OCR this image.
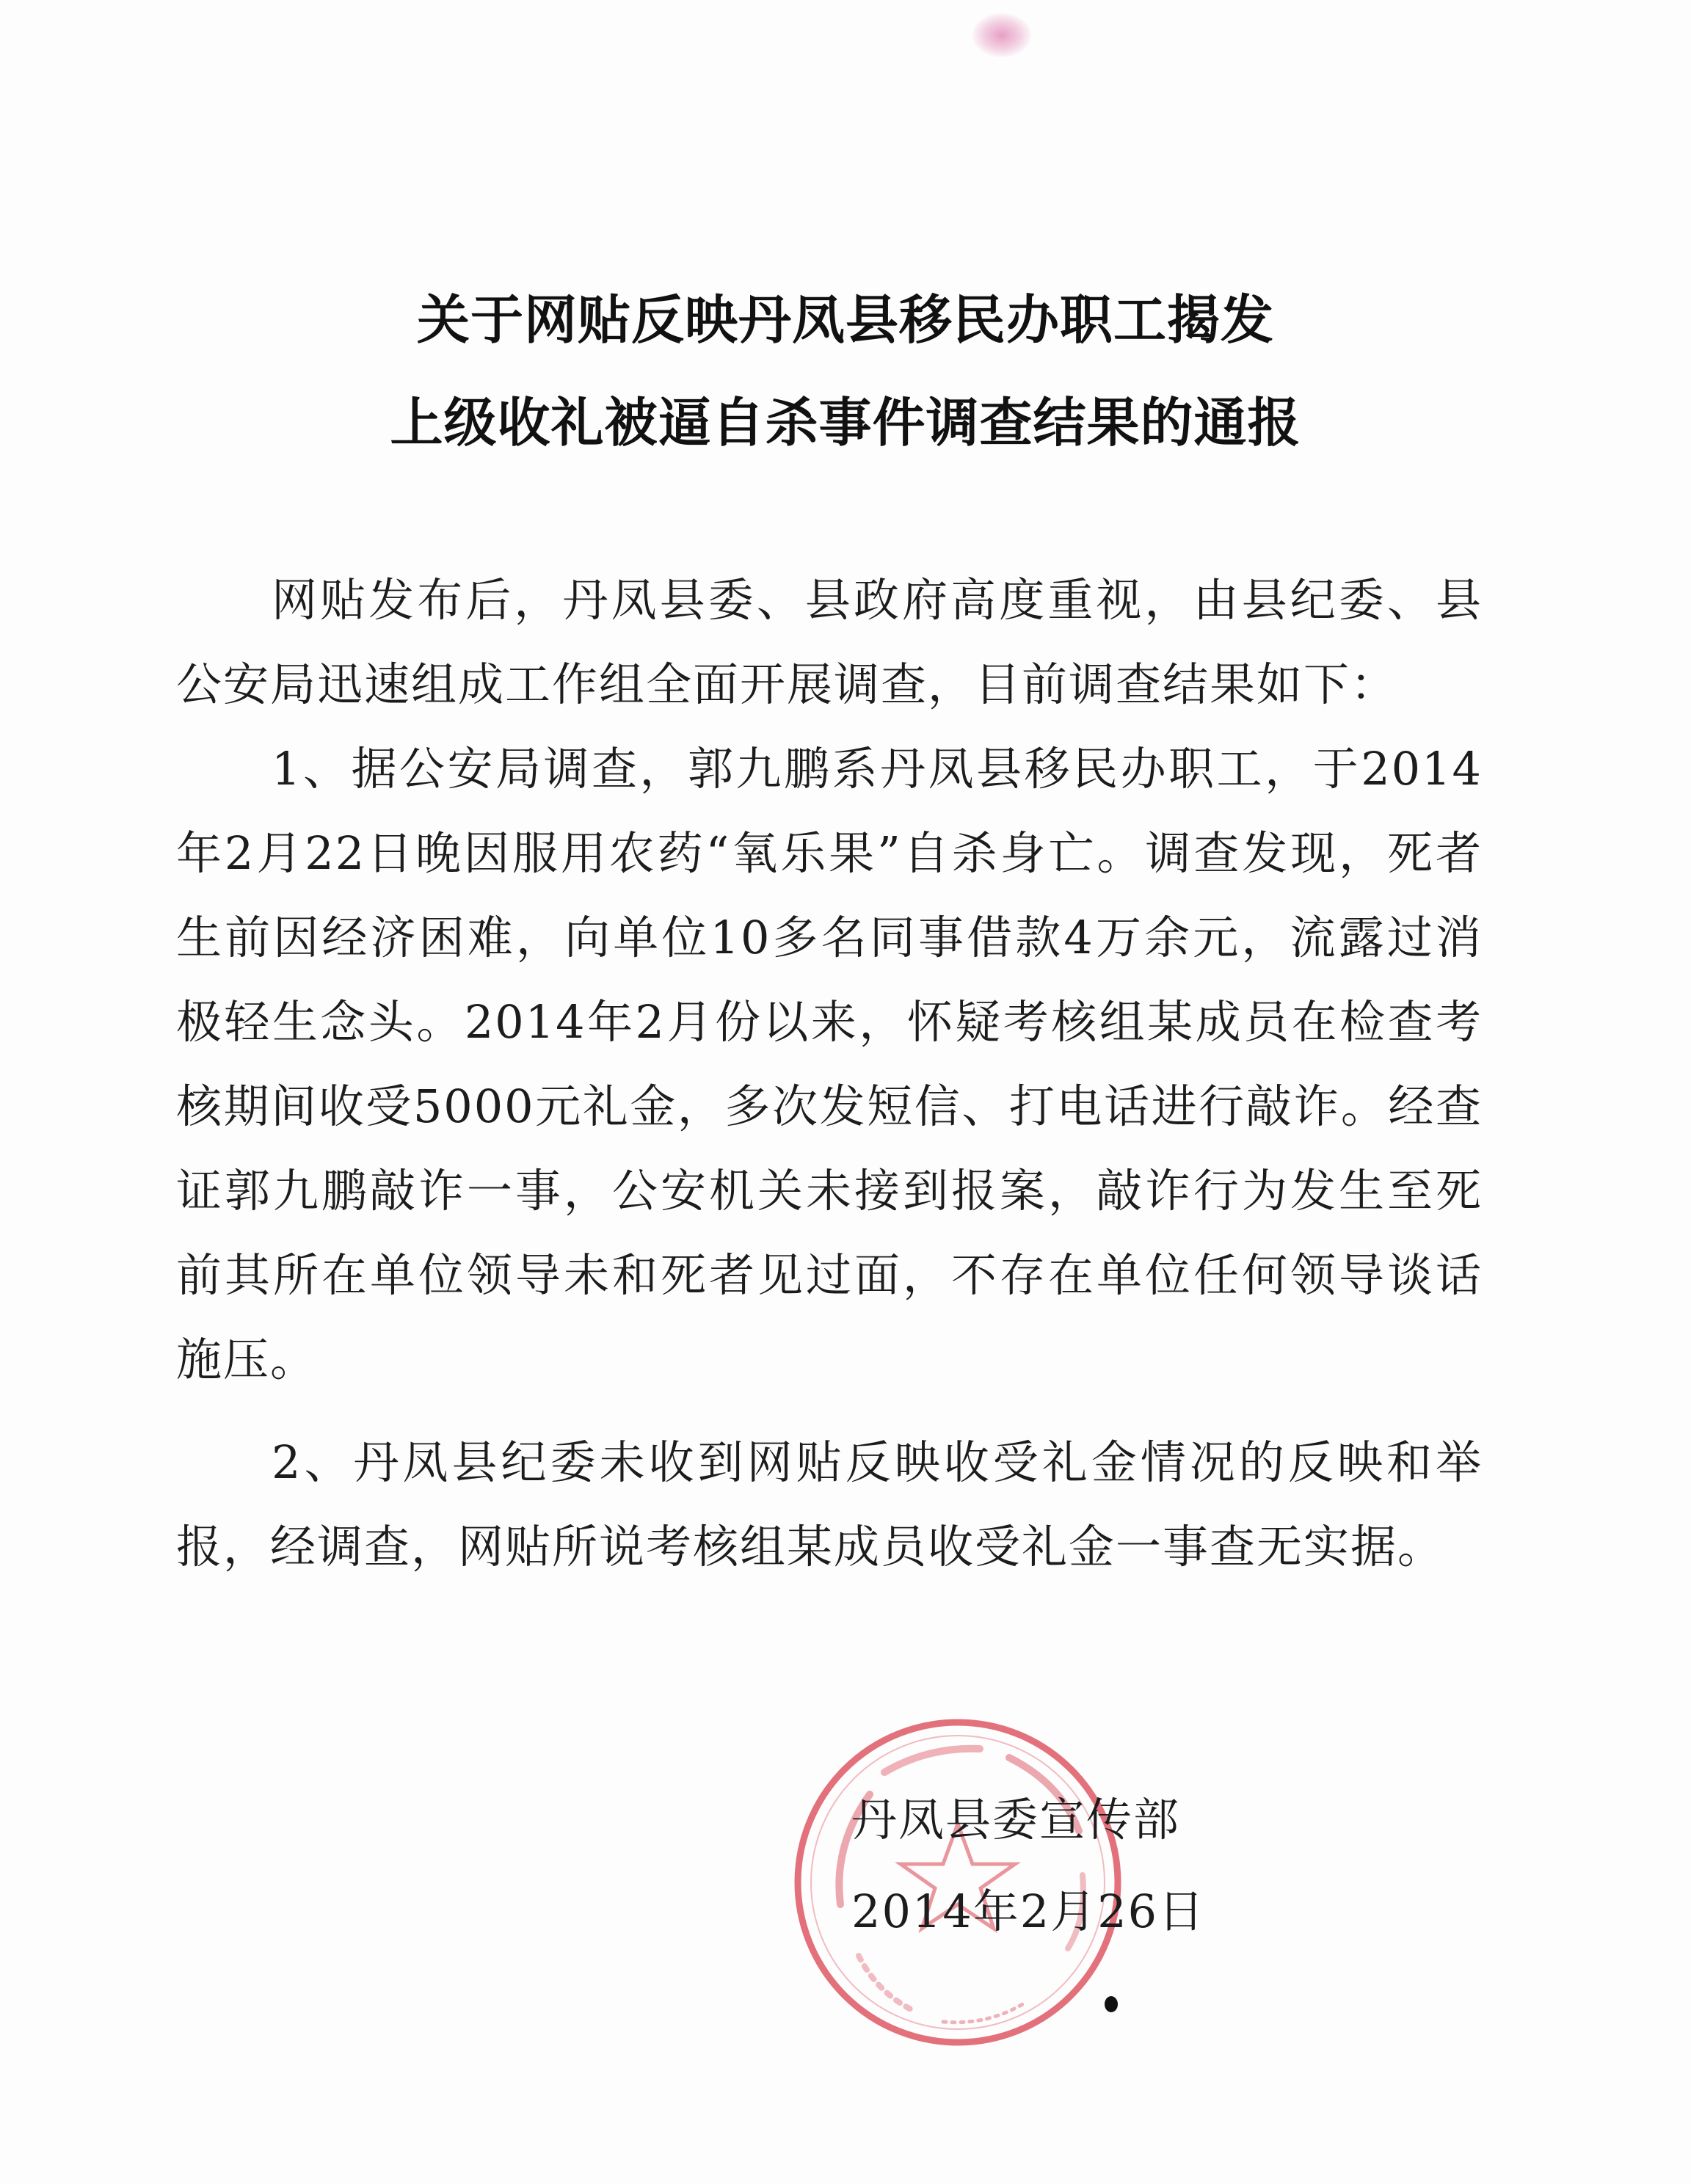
关于网贴反映丹凤县移民办职工揭发
上级收礼被逼自杀事件调查结果的通报

网贴发布后，丹凤县委、县政府高度重视，由县纪委、县公安局迅速组成工作组全面开展调查，目前调查结果如下：

1、据公安局调查，郭九鹏系丹凤县移民办职工，于2014年2月22日晚因服用农药“氧乐果”自杀身亡。调查发现，死者生前因经济困难，向单位10多名同事借款4万余元，流露过消极轻生念头。2014年2月份以来，怀疑考核组某成员在检查考核期间收受5000元礼金，多次发短信、打电话进行敲诈。经查证郭九鹏敲诈一事，公安机关未接到报案，敲诈行为发生至死前其所在单位领导未和死者见过面，不存在单位任何领导谈话施压。

2、丹凤县纪委未收到网贴反映收受礼金情况的反映和举报，经调查，网贴所说考核组某成员收受礼金一事查无实据。

丹凤县委宣传部
2014年2月26日
